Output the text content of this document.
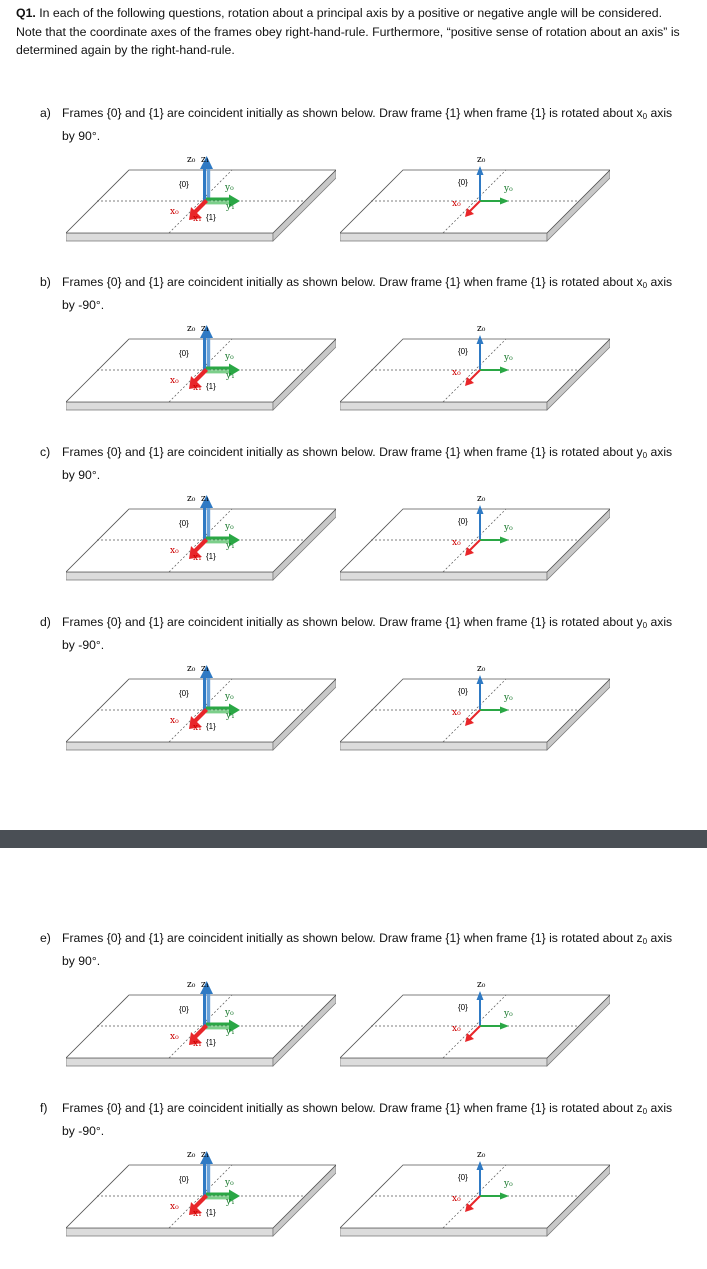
Q1. In each of the following questions, rotation about a principal axis by a positive or negative angle will be considered. Note that the coordinate axes of the frames obey right-hand-rule. Furthermore, “positive sense of rotation about an axis” is determined again by the right-hand-rule.

a) Frames {0} and {1} are coincident initially as shown below. Draw frame {1} when frame {1} is rotated about $x_0$ axis by 90°.

z₀ z₁
{0}	y₀
y₁
x₀
x₁ {1}
z₀
{0}
y₀
x₀
b) Frames {0} and {1} are coincident initially as shown below. Draw frame {1} when frame {1} is rotated about $x_0$ axis by -90°.

z₀ z₁
{0}	y₀
y₁
x₀
x₁ {1}
z₀
{0}
y₀
x₀
c) Frames {0} and {1} are coincident initially as shown below. Draw frame {1} when frame {1} is rotated about $y_0$ axis by 90°.

z₀ z₁
{0}	y₀
y₁
x₀
x₁ {1}
z₀
{0}
y₀
x₀
d) Frames {0} and {1} are coincident initially as shown below. Draw frame {1} when frame {1} is rotated about $y_0$ axis by -90°.

z₀ z₁
{0}	y₀
y₁
x₀
x₁ {1}
z₀
{0}
y₀
x₀
e) Frames {0} and {1} are coincident initially as shown below. Draw frame {1} when frame {1} is rotated about $z_0$ axis by 90°.

z₀ z₁
{0}	y₀
y₁
x₀
x₁ {1}
z₀
{0}
y₀
x₀
f) Frames {0} and {1} are coincident initially as shown below. Draw frame {1} when frame {1} is rotated about $z_0$ axis by -90°.

z₀ z₁
{0}	y₀
y₁
x₀
x₁ {1}
z₀
{0}
y₀
x₀
